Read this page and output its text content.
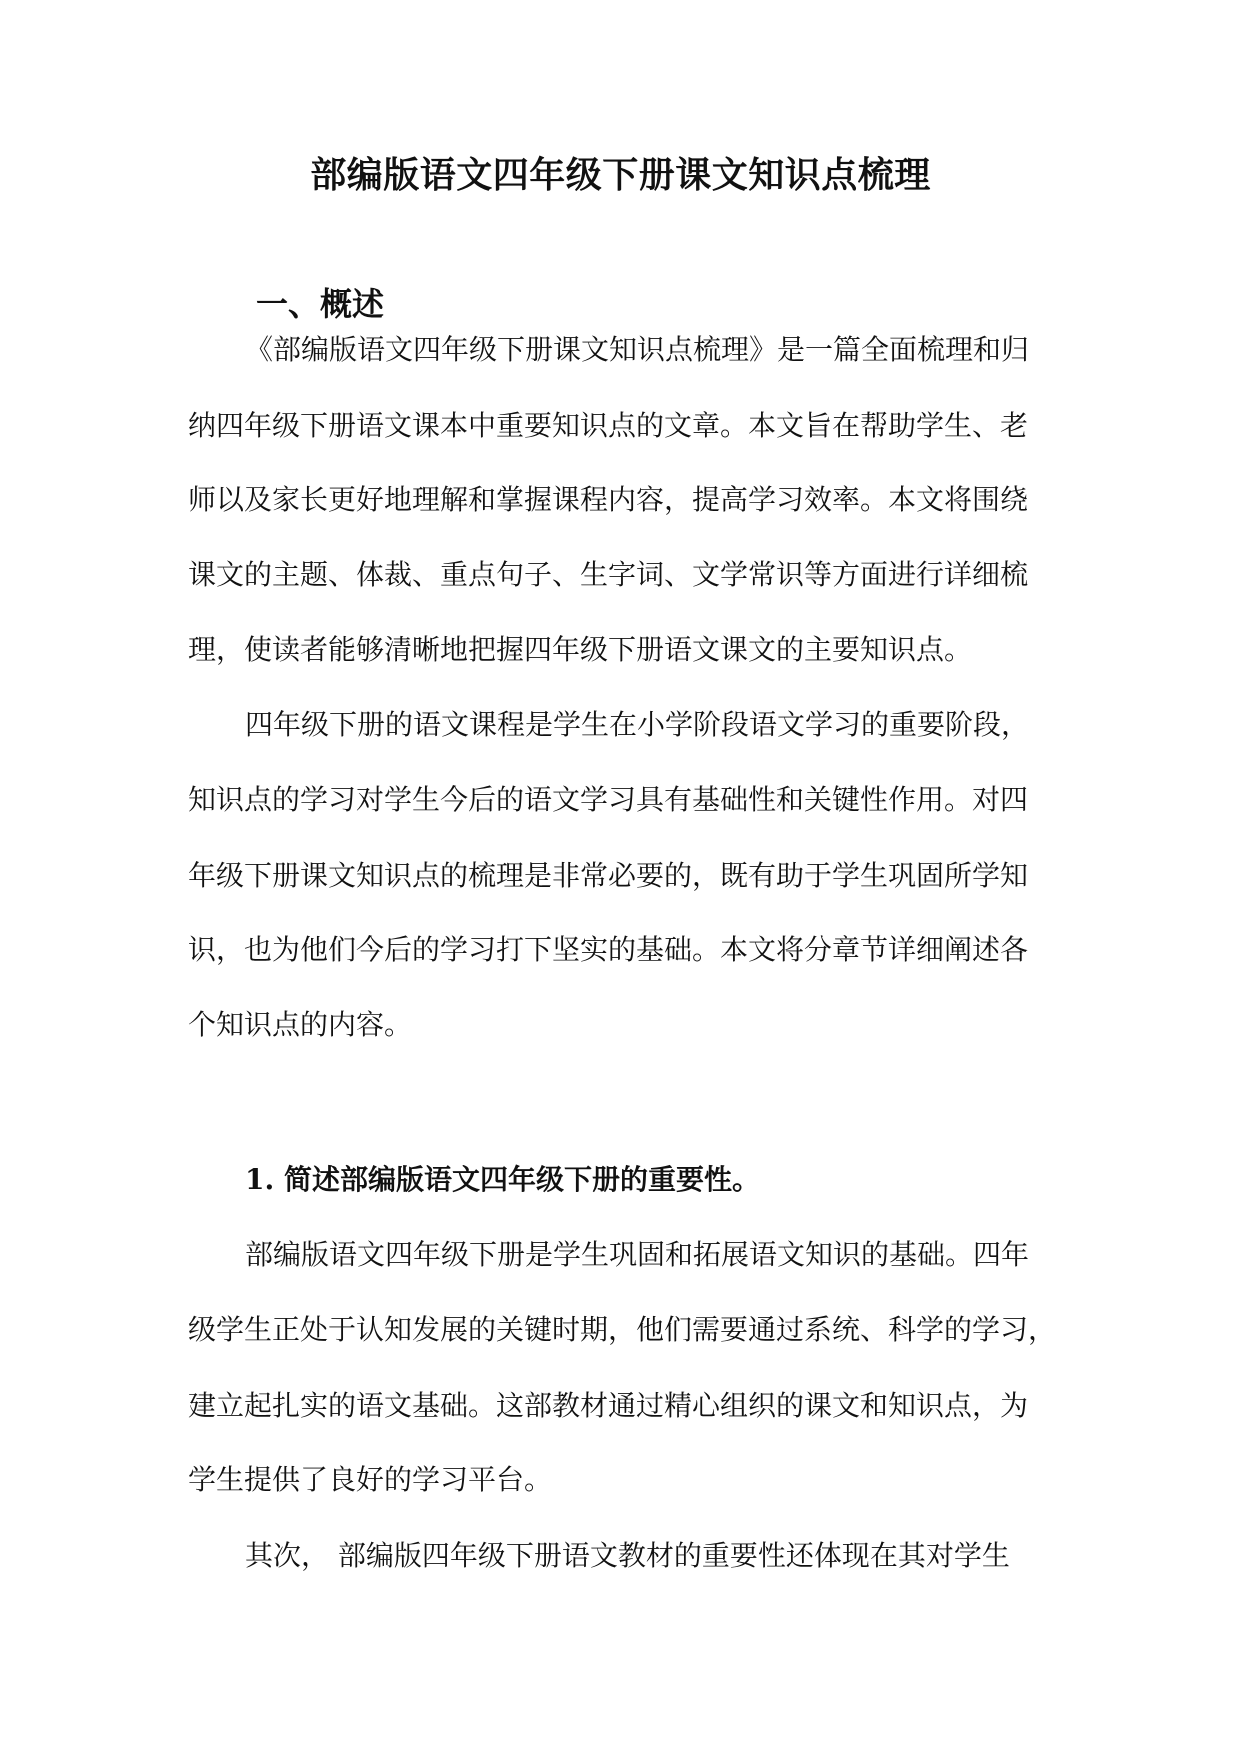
部编版语文四年级下册课文知识点梳理
一、概述
《部编版语文四年级下册课文知识点梳理》是一篇全面梳理和归
纳四年级下册语文课本中重要知识点的文章。本文旨在帮助学生、老
师以及家长更好地理解和掌握课程内容，提高学习效率。本文将围绕
课文的主题、体裁、重点句子、生字词、文学常识等方面进行详细梳
理，使读者能够清晰地把握四年级下册语文课文的主要知识点。
四年级下册的语文课程是学生在小学阶段语文学习的重要阶段，
知识点的学习对学生今后的语文学习具有基础性和关键性作用。对四
年级下册课文知识点的梳理是非常必要的，既有助于学生巩固所学知
识，也为他们今后的学习打下坚实的基础。本文将分章节详细阐述各
个知识点的内容。
1. 简述部编版语文四年级下册的重要性。
部编版语文四年级下册是学生巩固和拓展语文知识的基础。四年
级学生正处于认知发展的关键时期，他们需要通过系统、科学的学习，
建立起扎实的语文基础。这部教材通过精心组织的课文和知识点，为
学生提供了良好的学习平台。
其次， 部编版四年级下册语文教材的重要性还体现在其对学生
